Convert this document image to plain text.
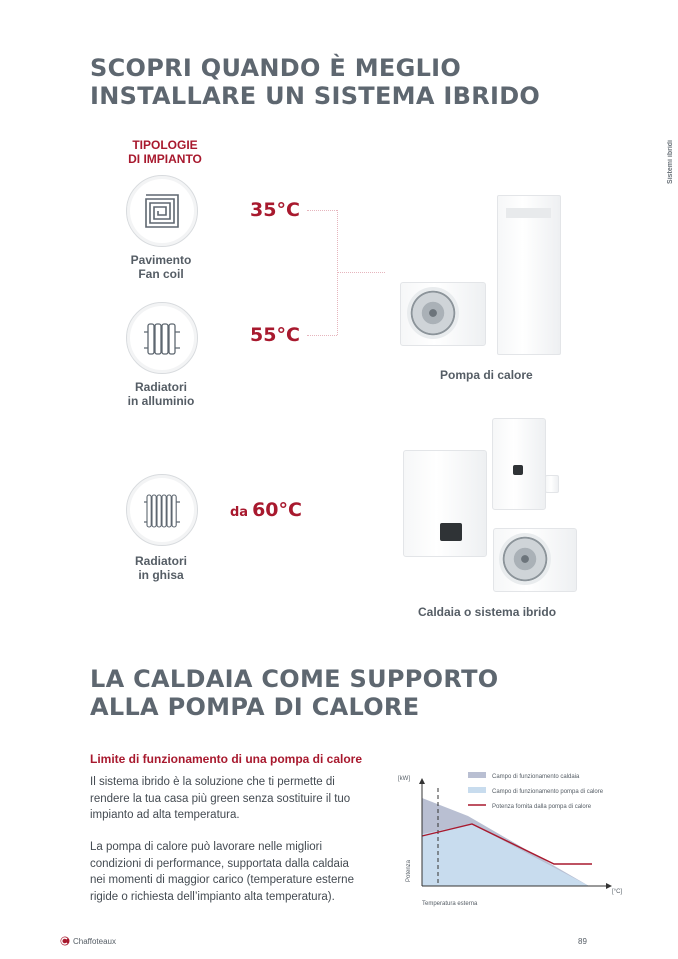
SCOPRI QUANDO È MEGLIO
INSTALLARE UN SISTEMA IBRIDO
Sistemi ibridi
TIPOLOGIE
DI IMPIANTO
Pavimento
Fan coil
Radiatori
in alluminio
Radiatori
in ghisa
35°C
55°C
da 60°C
Pompa di calore
Caldaia o sistema ibrido
LA CALDAIA COME SUPPORTO
ALLA POMPA DI CALORE
Limite di funzionamento di una pompa di calore
Il sistema ibrido è la soluzione che ti permette di rendere la tua casa più green senza sostituire il tuo impianto ad alta temperatura.
La pompa di calore può lavorare nelle migliori condizioni di performance, supportata dalla caldaia nei momenti di maggior carico (temperature esterne rigide o richiesta dell’impianto alta temperatura).
[kW]
Potenza
[°C]
Temperatura esterna
Campo di funzionamento caldaia
Campo di funzionamento pompa di calore
Potenza fornita dalla pompa di calore
Chaffoteaux	89
